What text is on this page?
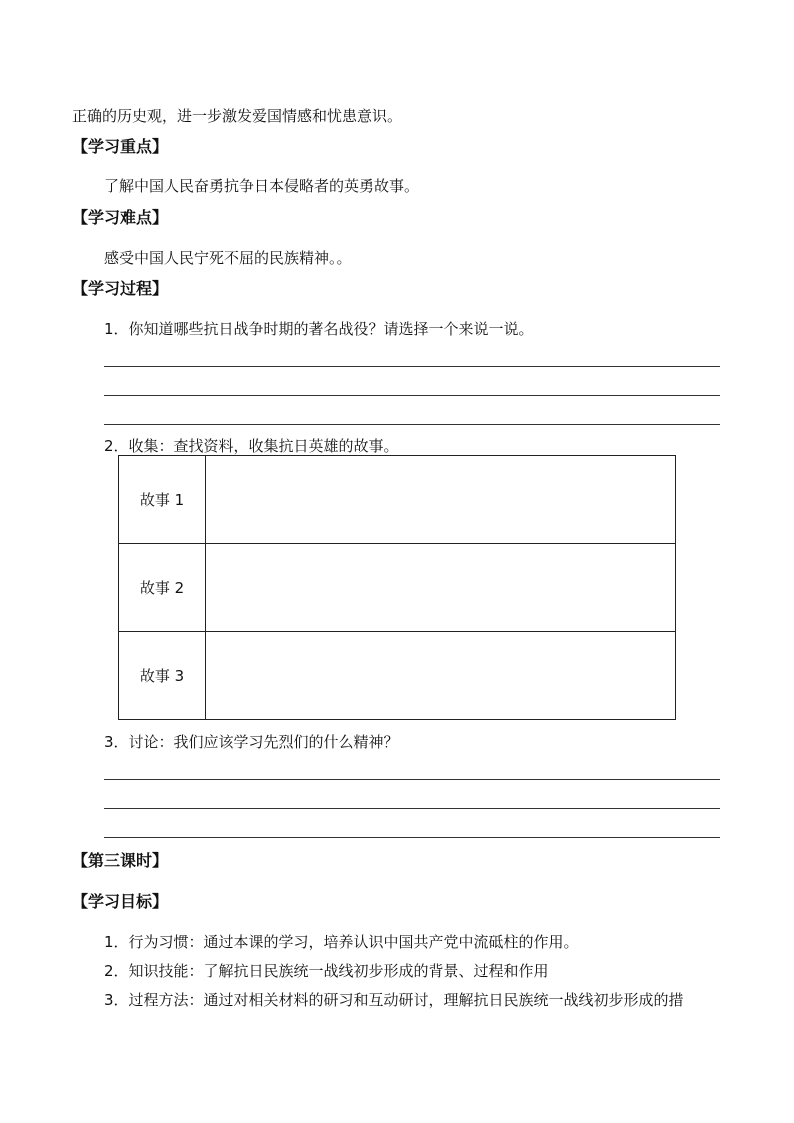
正确的历史观，进一步激发爱国情感和忧患意识。
【学习重点】
了解中国人民奋勇抗争日本侵略者的英勇故事。
【学习难点】
感受中国人民宁死不屈的民族精神。。
【学习过程】
1．你知道哪些抗日战争时期的著名战役？请选择一个来说一说。
2．收集：查找资料，收集抗日英雄的故事。
故事 1	
故事 2	
故事 3	
3．讨论：我们应该学习先烈们的什么精神？
【第三课时】
【学习目标】
1．行为习惯：通过本课的学习，培养认识中国共产党中流砥柱的作用。
2．知识技能：了解抗日民族统一战线初步形成的背景、过程和作用
3．过程方法：通过对相关材料的研习和互动研讨，理解抗日民族统一战线初步形成的措
